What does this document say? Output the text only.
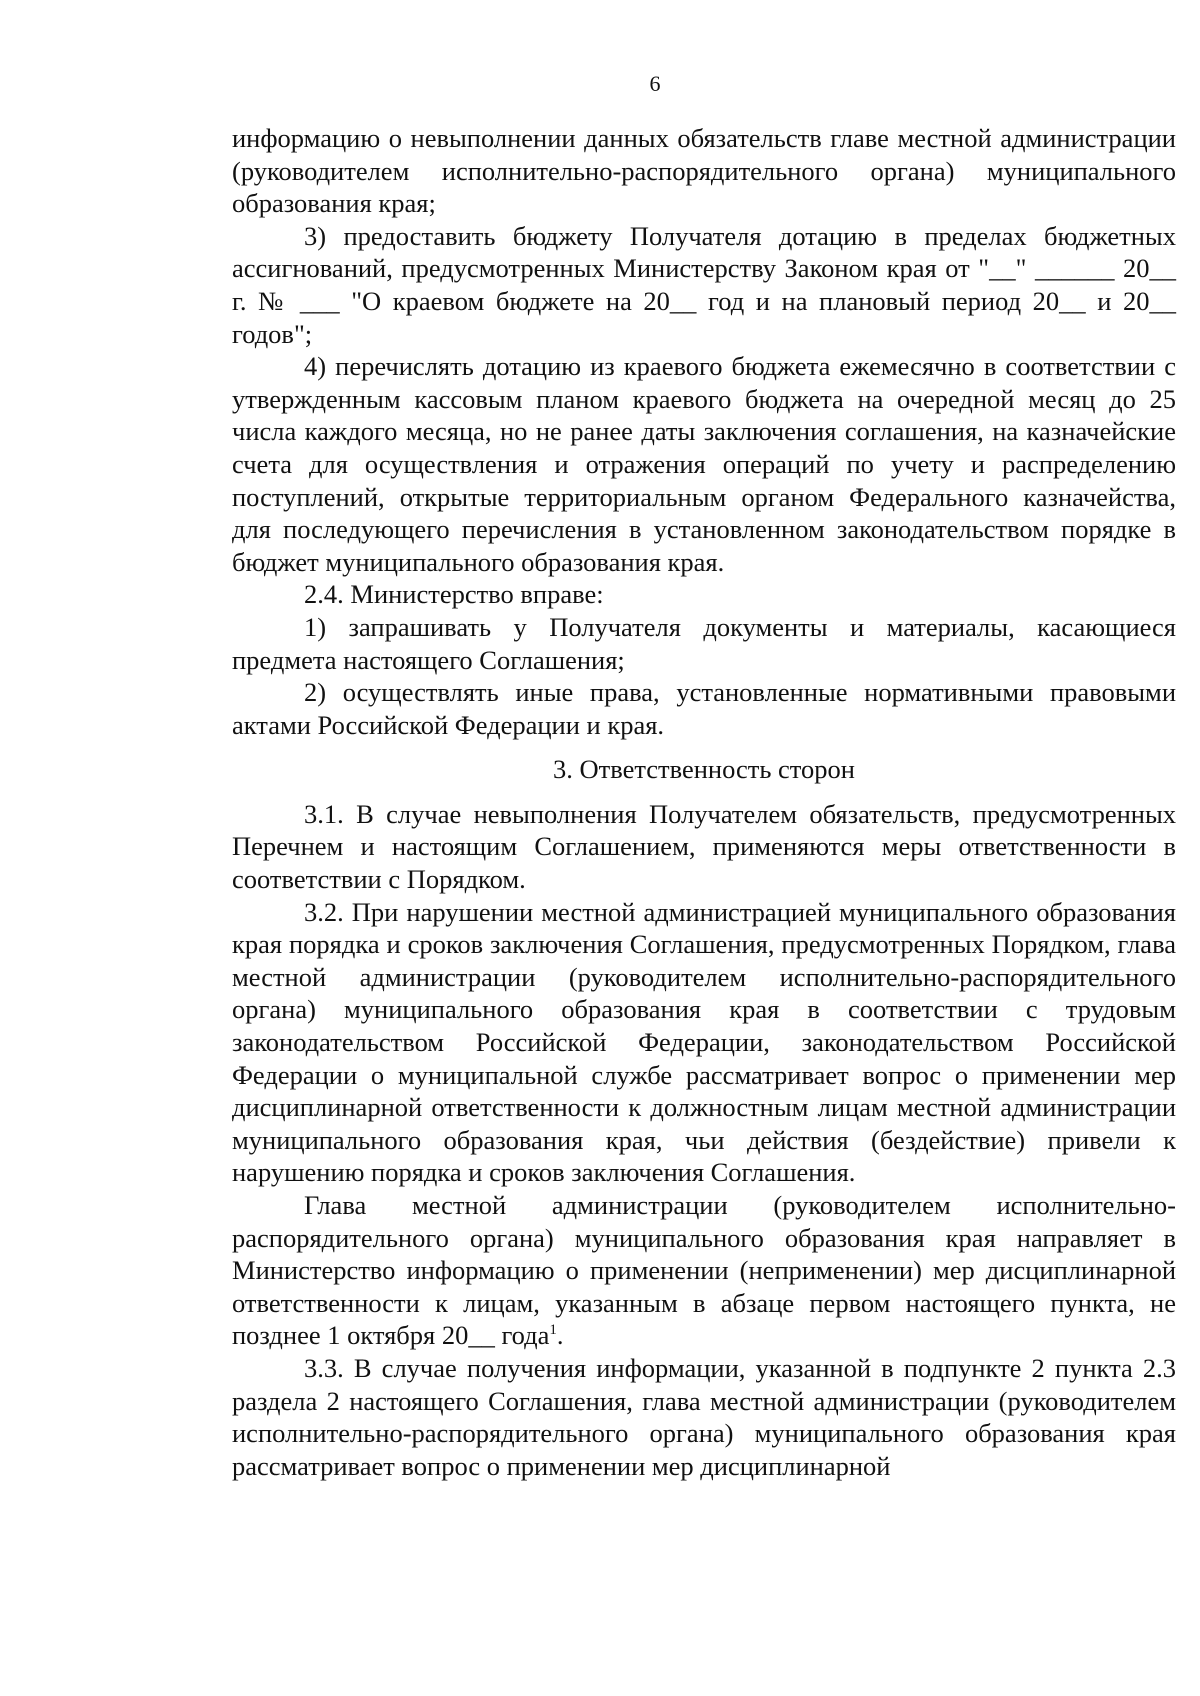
6

информацию о невыполнении данных обязательств главе местной администрации (руководителем исполнительно-распорядительного органа) муниципального образования края;

3) предоставить бюджету Получателя дотацию в пределах бюджетных ассигнований, предусмотренных Министерству Законом края от "__" ______ 20__ г. № ___ "О краевом бюджете на 20__ год и на плановый период 20__ и 20__ годов";

4) перечислять дотацию из краевого бюджета ежемесячно в соответствии с утвержденным кассовым планом краевого бюджета на очередной месяц до 25 числа каждого месяца, но не ранее даты заключения соглашения, на казначейские счета для осуществления и отражения операций по учету и распределению поступлений, открытые территориальным органом Федерального казначейства, для последующего перечисления в установленном законодательством порядке в бюджет муниципального образования края.

2.4. Министерство вправе:

1) запрашивать у Получателя документы и материалы, касающиеся предмета настоящего Соглашения;

2) осуществлять иные права, установленные нормативными правовыми актами Российской Федерации и края.

3. Ответственность сторон

3.1. В случае невыполнения Получателем обязательств, предусмотренных Перечнем и настоящим Соглашением, применяются меры ответственности в соответствии с Порядком.

3.2. При нарушении местной администрацией муниципального образования края порядка и сроков заключения Соглашения, предусмотренных Порядком, глава местной администрации (руководителем исполнительно-распорядительного органа) муниципального образования края в соответствии с трудовым законодательством Российской Федерации, законодательством Российской Федерации о муниципальной службе рассматривает вопрос о применении мер дисциплинарной ответственности к должностным лицам местной администрации муниципального образования края, чьи действия (бездействие) привели к нарушению порядка и сроков заключения Соглашения.

Глава местной администрации (руководителем исполнительно-распорядительного органа) муниципального образования края направляет в Министерство информацию о применении (неприменении) мер дисциплинарной ответственности к лицам, указанным в абзаце первом настоящего пункта, не позднее 1 октября 20__ года$^1$.

3.3. В случае получения информации, указанной в подпункте 2 пункта 2.3 раздела 2 настоящего Соглашения, глава местной администрации (руководителем исполнительно-распорядительного органа) муниципального образования края рассматривает вопрос о применении мер дисциплинарной
